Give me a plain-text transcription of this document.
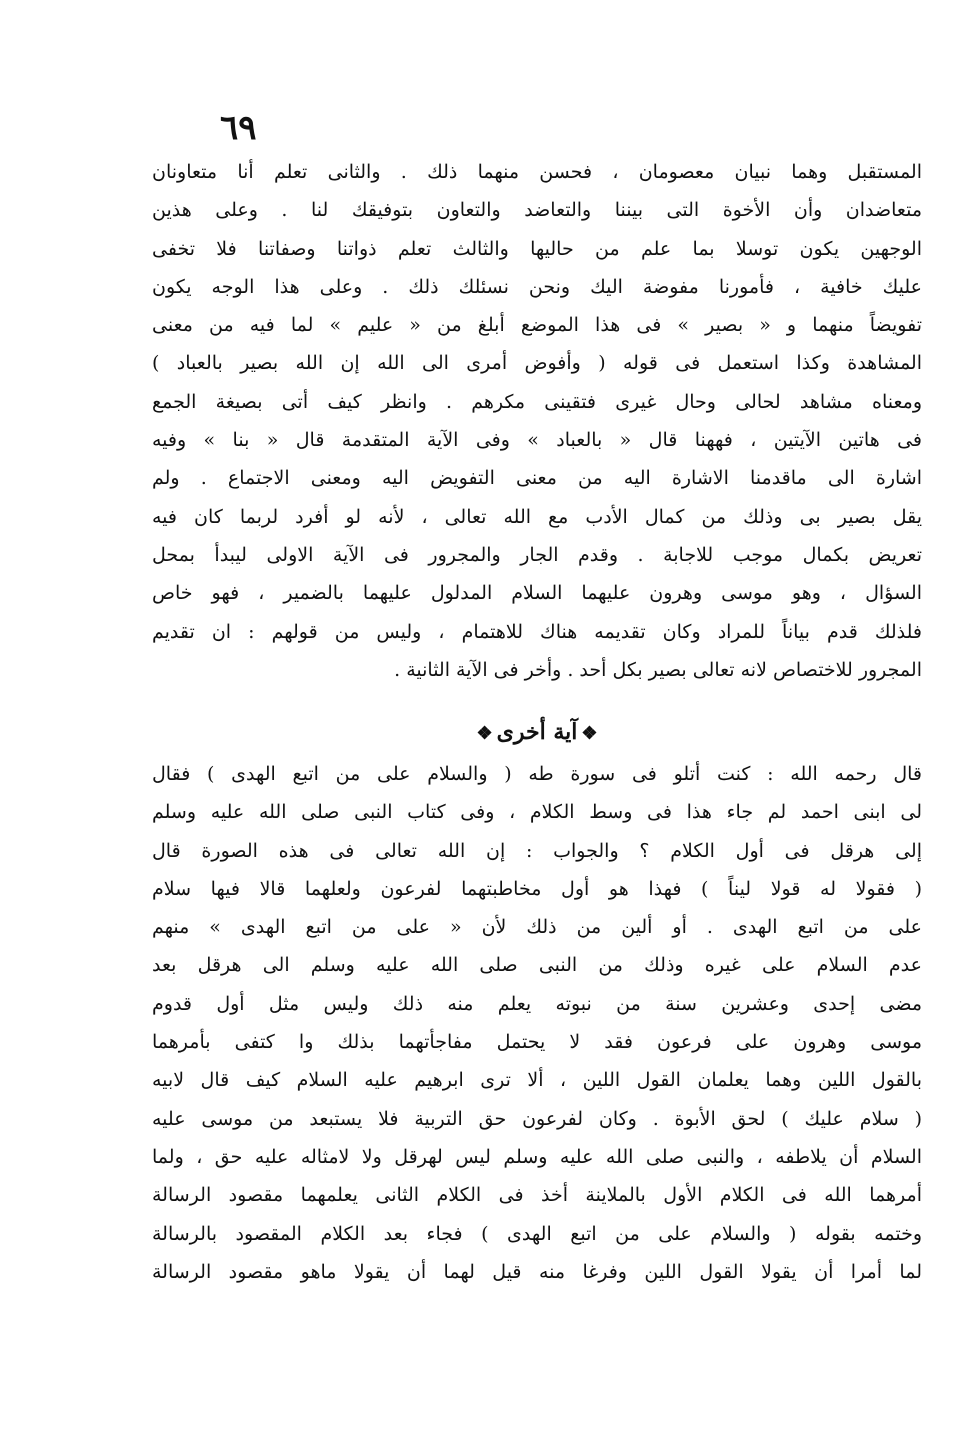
٦٩
المستقبل وهما نبيان معصومان ، فحسن منهما ذلك . والثانى تعلم أنا متعاونان
متعاضدان وأن الأخوة التى بيننا والتعاضد والتعاون بتوفيقك لنا . وعلى هذين
الوجهين يكون توسلا بما علم من حاليها والثالث تعلم ذواتنا وصفاتنا فلا تخفى
عليك خافية ، فأمورنا مفوضة اليك ونحن نسئلك ذلك . وعلى هذا الوجه يكون
تفويضاً منهما و « بصير » فى هذا الموضع أبلغ من « عليم » لما فيه من معنى
المشاهدة وكذا استعمل فى قوله ( وأفوض أمرى الى الله إن الله بصير بالعباد )
ومعناه مشاهد لحالى وحال غيرى فتقينى مكرهم . وانظر كيف أتى بصيغة الجمع
فى هاتين الآيتين ، فههنا قال « بالعباد » وفى الآية المتقدمة قال « بنا » وفيه
اشارة الى ماقدمنا الاشارة اليه من معنى التفويض اليه ومعنى الاجتماع . ولم
يقل بصير بى وذلك من كمال الأدب مع الله تعالى ، لأنه لو أفرد لربما كان فيه
تعريض بكمال موجب للاجابة . وقدم الجار والمجرور فى الآية الاولى ليبدأ بمحل
السؤال ، وهو موسى وهرون عليهما السلام المدلول عليهما بالضمير ، فهو خاص
فلذلك قدم بياناً للمراد وكان تقديمه هناك للاهتمام ، وليس من قولهم : ان تقديم
المجرور للاختصاص لانه تعالى بصير بكل أحد . وأخر فى الآية الثانية .
❖آية أخرى❖
قال رحمه الله : كنت أتلو فى سورة طه ( والسلام على من اتبع الهدى ) فقال
لى ابنى احمد لم جاء هذا فى وسط الكلام ، وفى كتاب النبى صلى الله عليه وسلم
إلى هرقل فى أول الكلام ؟ والجواب : إن الله تعالى فى هذه الصورة قال
( فقولا له قولا ليناً ) فهذا هو أول مخاطبتهما لفرعون ولعلهما قالا فيها سلام
على من اتبع الهدى . أو ألين من ذلك لأن « على من اتبع الهدى » منهم
عدم السلام على غيره وذلك من النبى صلى الله عليه وسلم الى هرقل بعد
مضى إحدى وعشرين سنة من نبوته يعلم منه ذلك وليس مثل أول قدوم
موسى وهرون على فرعون فقد لا يحتمل مفاجأتهما بذلك وا كتفى بأمرهما
بالقول اللين وهما يعلمان القول اللين ، ألا ترى ابرهيم عليه السلام كيف قال لابيه
( سلام عليك ) لحق الأبوة . وكان لفرعون حق التربية فلا يستبعد من موسى عليه
السلام أن يلاطفه ، والنبى صلى الله عليه وسلم ليس لهرقل ولا لامثاله عليه حق ، ولما
أمرهما الله فى الكلام الأول بالملاينة أخذ فى الكلام الثانى يعلمهما مقصود الرسالة
وختمه بقوله ( والسلام على من اتبع الهدى ) فجاء بعد الكلام المقصود بالرسالة
لما أمرا أن يقولا القول اللين وفرغا منه قيل لهما أن يقولا ماهو مقصود الرسالة
